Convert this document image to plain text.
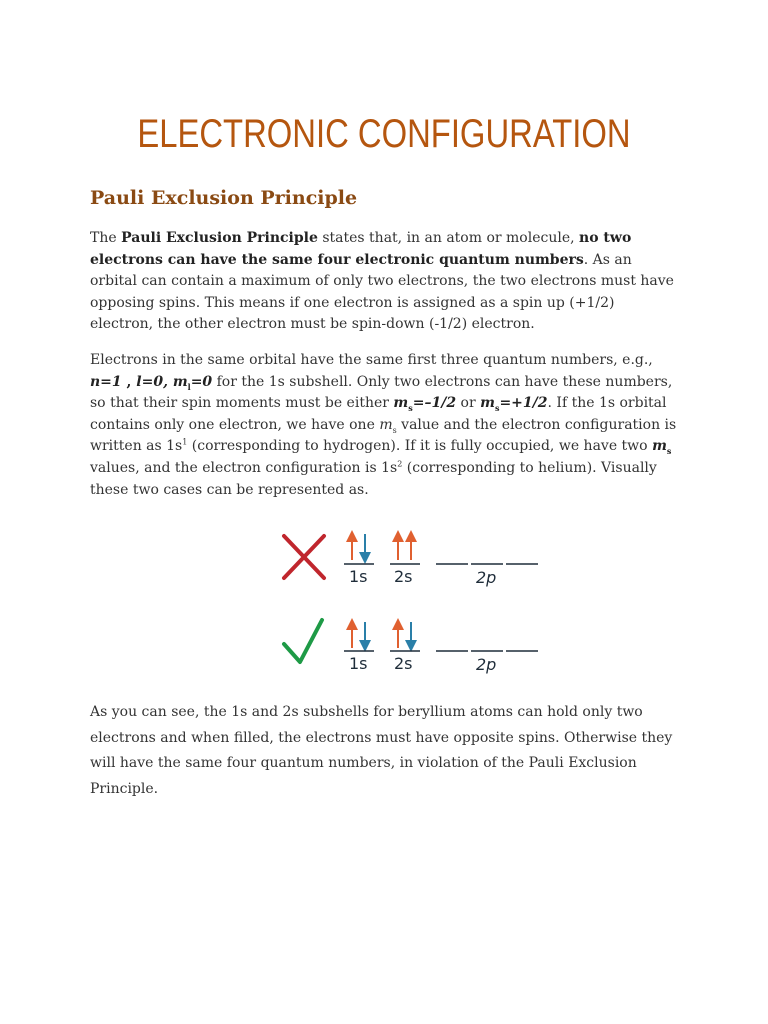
ELECTRONIC CONFIGURATION
Pauli Exclusion Principle
The Pauli Exclusion Principle states that, in an atom or molecule, no two electrons can have the same four electronic quantum numbers. As an orbital can contain a maximum of only two electrons, the two electrons must have opposing spins. This means if one electron is assigned as a spin up (+1/2) electron, the other electron must be spin-down (-1/2) electron.
Electrons in the same orbital have the same first three quantum numbers, e.g., n=1 , l=0, $m_l=0$ for the 1s subshell. Only two electrons can have these numbers, so that their spin moments must be either $m_s=-1/2$ or $m_s=+1/2$. If the 1s orbital contains only one electron, we have one $m_s$ value and the electron configuration is written as $1s^1$ (corresponding to hydrogen). If it is fully occupied, we have two $m_s$ values, and the electron configuration is $1s^2$ (corresponding to helium). Visually these two cases can be represented as.
1s 2s	2p
1s 2s	2p
As you can see, the 1s and 2s subshells for beryllium atoms can hold only two electrons and when filled, the electrons must have opposite spins. Otherwise they will have the same four quantum numbers, in violation of the Pauli Exclusion Principle.
